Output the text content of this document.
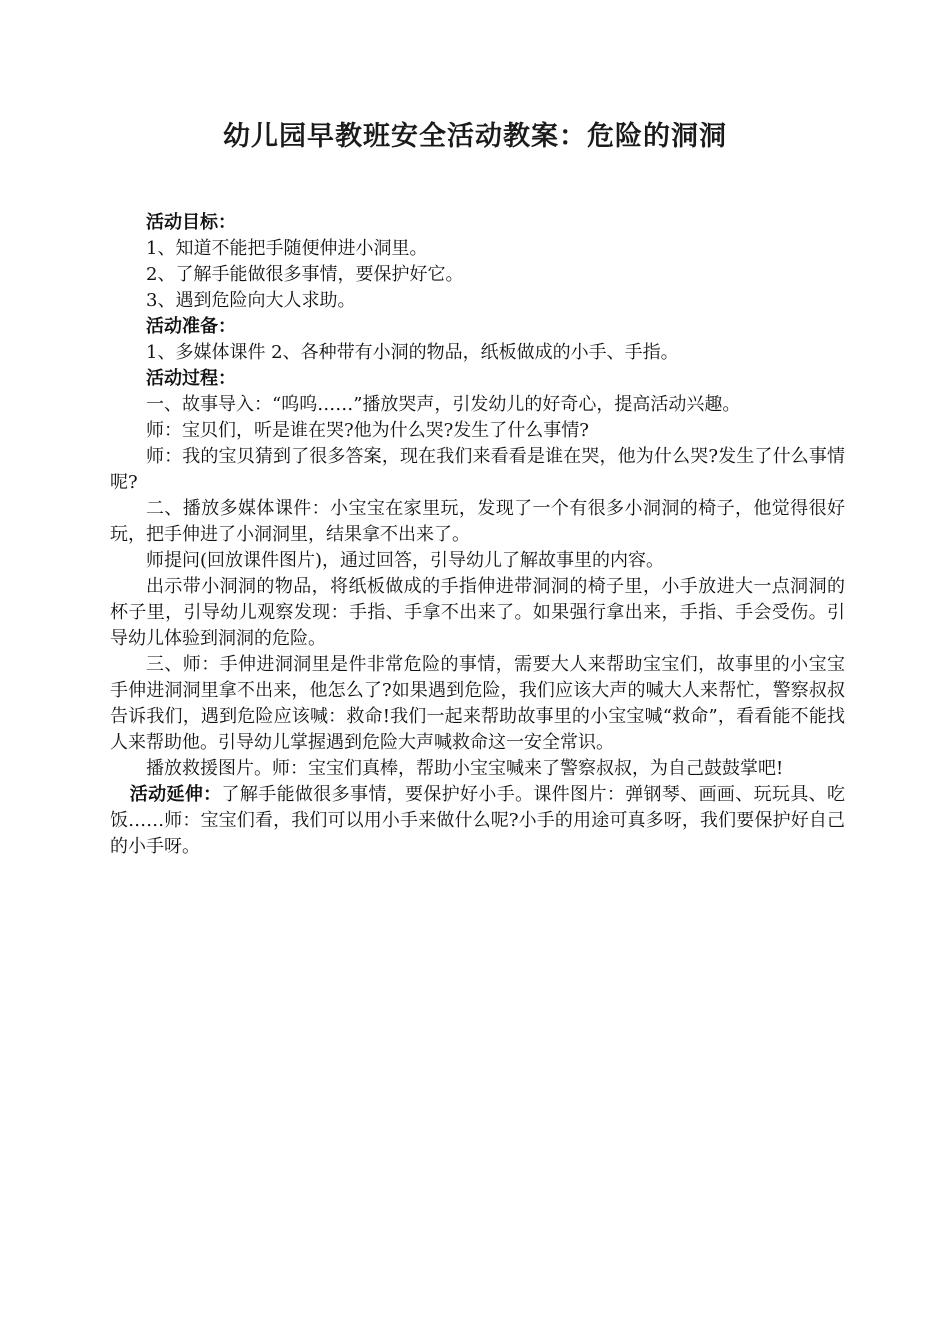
幼儿园早教班安全活动教案：危险的洞洞

活动目标：

1、知道不能把手随便伸进小洞里。

2、了解手能做很多事情，要保护好它。

3、遇到危险向大人求助。

活动准备：

1、多媒体课件 2、各种带有小洞的物品，纸板做成的小手、手指。

活动过程：

一、故事导入：“呜呜……”播放哭声，引发幼儿的好奇心，提高活动兴趣。

师：宝贝们，听是谁在哭?他为什么哭?发生了什么事情?

师：我的宝贝猜到了很多答案，现在我们来看看是谁在哭，他为什么哭?发生了什么事情呢?

二、播放多媒体课件：小宝宝在家里玩，发现了一个有很多小洞洞的椅子，他觉得很好玩，把手伸进了小洞洞里，结果拿不出来了。

师提问(回放课件图片)，通过回答，引导幼儿了解故事里的内容。

出示带小洞洞的物品，将纸板做成的手指伸进带洞洞的椅子里，小手放进大一点洞洞的杯子里，引导幼儿观察发现：手指、手拿不出来了。如果强行拿出来，手指、手会受伤。引导幼儿体验到洞洞的危险。

三、师：手伸进洞洞里是件非常危险的事情，需要大人来帮助宝宝们，故事里的小宝宝手伸进洞洞里拿不出来，他怎么了?如果遇到危险，我们应该大声的喊大人来帮忙，警察叔叔告诉我们，遇到危险应该喊：救命!我们一起来帮助故事里的小宝宝喊“救命”，看看能不能找人来帮助他。引导幼儿掌握遇到危险大声喊救命这一安全常识。

播放救援图片。师：宝宝们真棒，帮助小宝宝喊来了警察叔叔，为自己鼓鼓掌吧!

活动延伸：了解手能做很多事情，要保护好小手。课件图片：弹钢琴、画画、玩玩具、吃饭……师：宝宝们看，我们可以用小手来做什么呢?小手的用途可真多呀，我们要保护好自己的小手呀。
